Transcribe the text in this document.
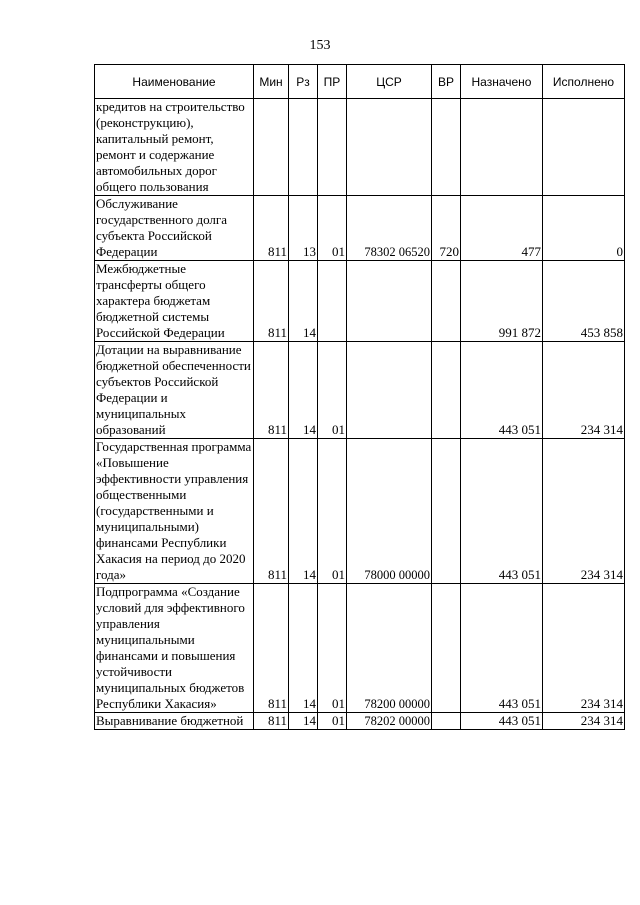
153
Наименование	Мин	Рз	ПР	ЦСР	ВР	Назначено	Исполнено
кредитов на строительство (реконструкцию), капитальный ремонт, ремонт и содержание автомобильных дорог общего пользования							
Обслуживание государственного долга субъекта Российской Федерации	811	13	01	78302 06520	720	477	0
Межбюджетные трансферты общего характера бюджетам бюджетной системы Российской Федерации	811	14				991 872	453 858
Дотации на выравнивание бюджетной обеспеченности субъектов Российской Федерации и муниципальных образований	811	14	01			443 051	234 314
Государственная программа «Повышение эффективности управления общественными (государственными и муниципальными) финансами Республики Хакасия на период до 2020 года»	811	14	01	78000 00000		443 051	234 314
Подпрограмма «Создание условий для эффективного управления муниципальными финансами и повышения устойчивости муниципальных бюджетов Республики Хакасия»	811	14	01	78200 00000		443 051	234 314
Выравнивание бюджетной	811	14	01	78202 00000		443 051	234 314
